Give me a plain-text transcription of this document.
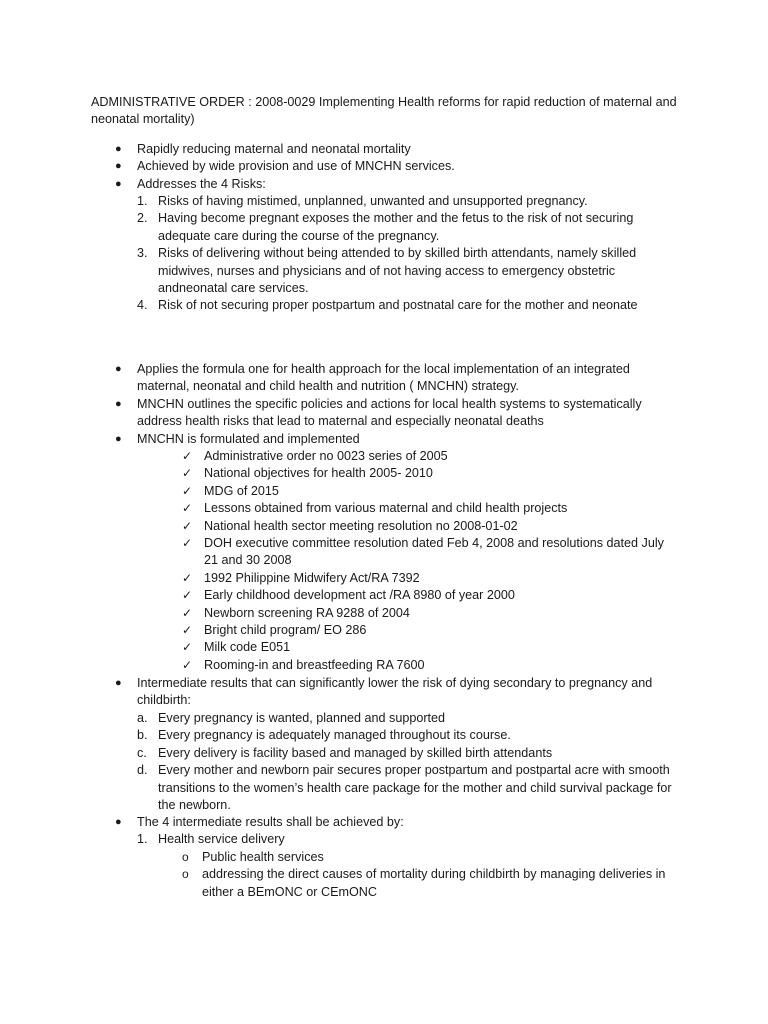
ADMINISTRATIVE ORDER : 2008-0029 Implementing Health reforms for rapid reduction of maternal and neonatal mortality)

● Rapidly reducing maternal and neonatal mortality
● Achieved by wide provision and use of MNCHN services.
● Addresses the 4 Risks:
1. Risks of having mistimed, unplanned, unwanted and unsupported pregnancy.
2. Having become pregnant exposes the mother and the fetus to the risk of not securing adequate care during the course of the pregnancy.
3. Risks of delivering without being attended to by skilled birth attendants, namely skilled midwives, nurses and physicians and of not having access to emergency obstetric andneonatal care services.
4. Risk of not securing proper postpartum and postnatal care for the mother and neonate
● Applies the formula one for health approach for the local implementation of an integrated maternal, neonatal and child health and nutrition ( MNCHN) strategy.
● MNCHN outlines the specific policies and actions for local health systems to systematically address health risks that lead to maternal and especially neonatal deaths
● MNCHN is formulated and implemented
✓ Administrative order no 0023 series of 2005
✓ National objectives for health 2005- 2010
✓ MDG of 2015
✓ Lessons obtained from various maternal and child health projects
✓ National health sector meeting resolution no 2008-01-02
✓ DOH executive committee resolution dated Feb 4, 2008 and resolutions dated July 21 and 30 2008
✓ 1992 Philippine Midwifery Act/RA 7392
✓ Early childhood development act /RA 8980 of year 2000
✓ Newborn screening RA 9288 of 2004
✓ Bright child program/ EO 286
✓ Milk code E051
✓ Rooming-in and breastfeeding RA 7600
● Intermediate results that can significantly lower the risk of dying secondary to pregnancy and childbirth:
a. Every pregnancy is wanted, planned and supported
b. Every pregnancy is adequately managed throughout its course.
c. Every delivery is facility based and managed by skilled birth attendants
d. Every mother and newborn pair secures proper postpartum and postpartal acre with smooth transitions to the women’s health care package for the mother and child survival package for the newborn.
● The 4 intermediate results shall be achieved by:
1. Health service delivery
o Public health services
o addressing the direct causes of mortality during childbirth by managing deliveries in either a BEmONC or CEmONC
